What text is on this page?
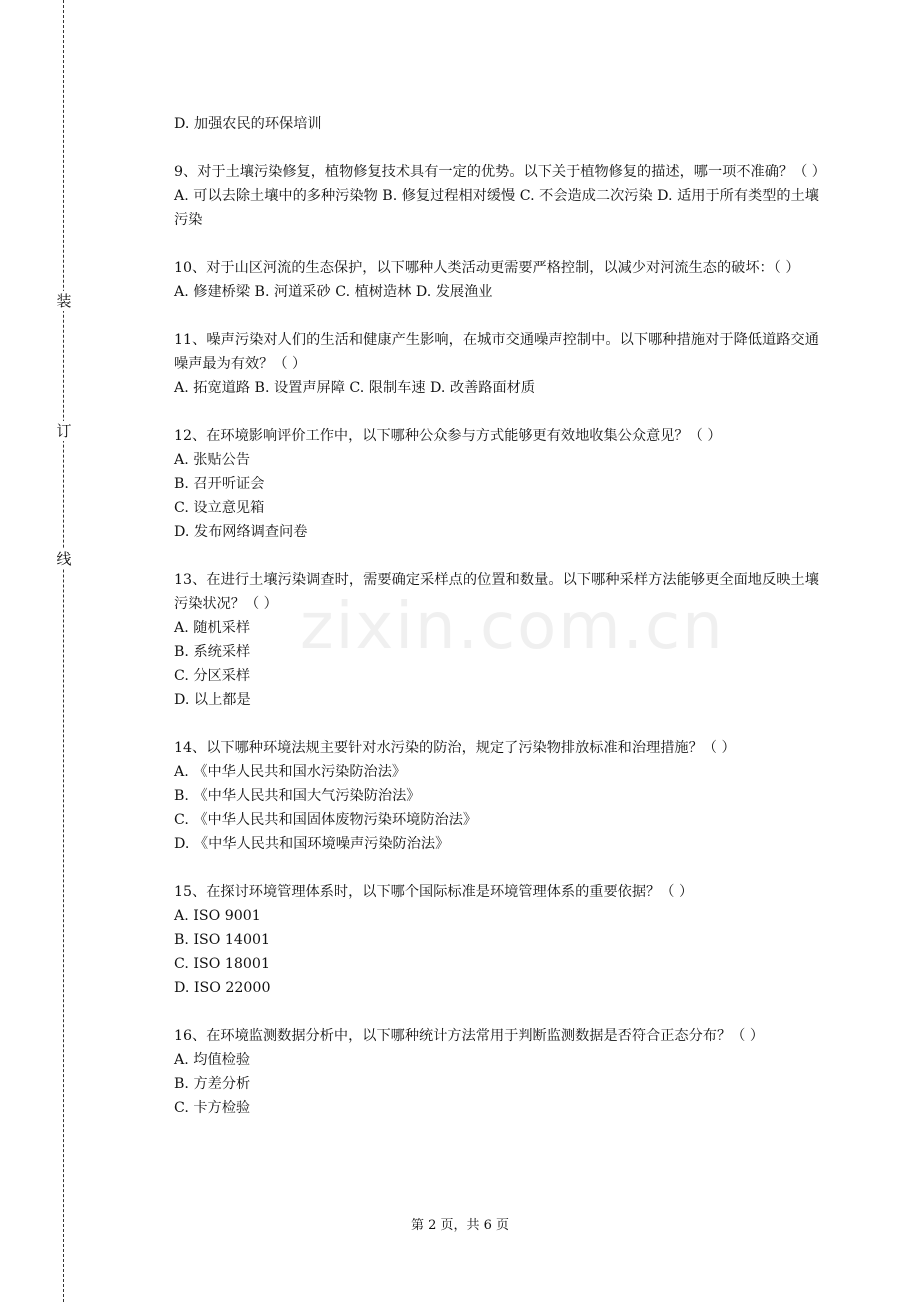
装
订
线
zixin.com.cn

D. 加强农民的环保培训

9、对于土壤污染修复，植物修复技术具有一定的优势。以下关于植物修复的描述，哪一项不准确？（ ）

A. 可以去除土壤中的多种污染物 B. 修复过程相对缓慢 C. 不会造成二次污染 D. 适用于所有类型的土壤污染

10、对于山区河流的生态保护，以下哪种人类活动更需要严格控制，以减少对河流生态的破坏：（ ）

A. 修建桥梁 B. 河道采砂 C. 植树造林 D. 发展渔业

11、噪声污染对人们的生活和健康产生影响，在城市交通噪声控制中。以下哪种措施对于降低道路交通噪声最为有效？（ ）

A. 拓宽道路 B. 设置声屏障 C. 限制车速 D. 改善路面材质

12、在环境影响评价工作中，以下哪种公众参与方式能够更有效地收集公众意见？（ ）

A. 张贴公告

B. 召开听证会

C. 设立意见箱

D. 发布网络调查问卷

13、在进行土壤污染调查时，需要确定采样点的位置和数量。以下哪种采样方法能够更全面地反映土壤污染状况？（ ）

A. 随机采样

B. 系统采样

C. 分区采样

D. 以上都是

14、以下哪种环境法规主要针对水污染的防治，规定了污染物排放标准和治理措施？（ ）

A. 《中华人民共和国水污染防治法》

B. 《中华人民共和国大气污染防治法》

C. 《中华人民共和国固体废物污染环境防治法》

D. 《中华人民共和国环境噪声污染防治法》

15、在探讨环境管理体系时，以下哪个国际标准是环境管理体系的重要依据？（ ）

A. ISO 9001

B. ISO 14001

C. ISO 18001

D. ISO 22000

16、在环境监测数据分析中，以下哪种统计方法常用于判断监测数据是否符合正态分布？（ ）

A. 均值检验

B. 方差分析

C. 卡方检验

第 2 页，共 6 页
